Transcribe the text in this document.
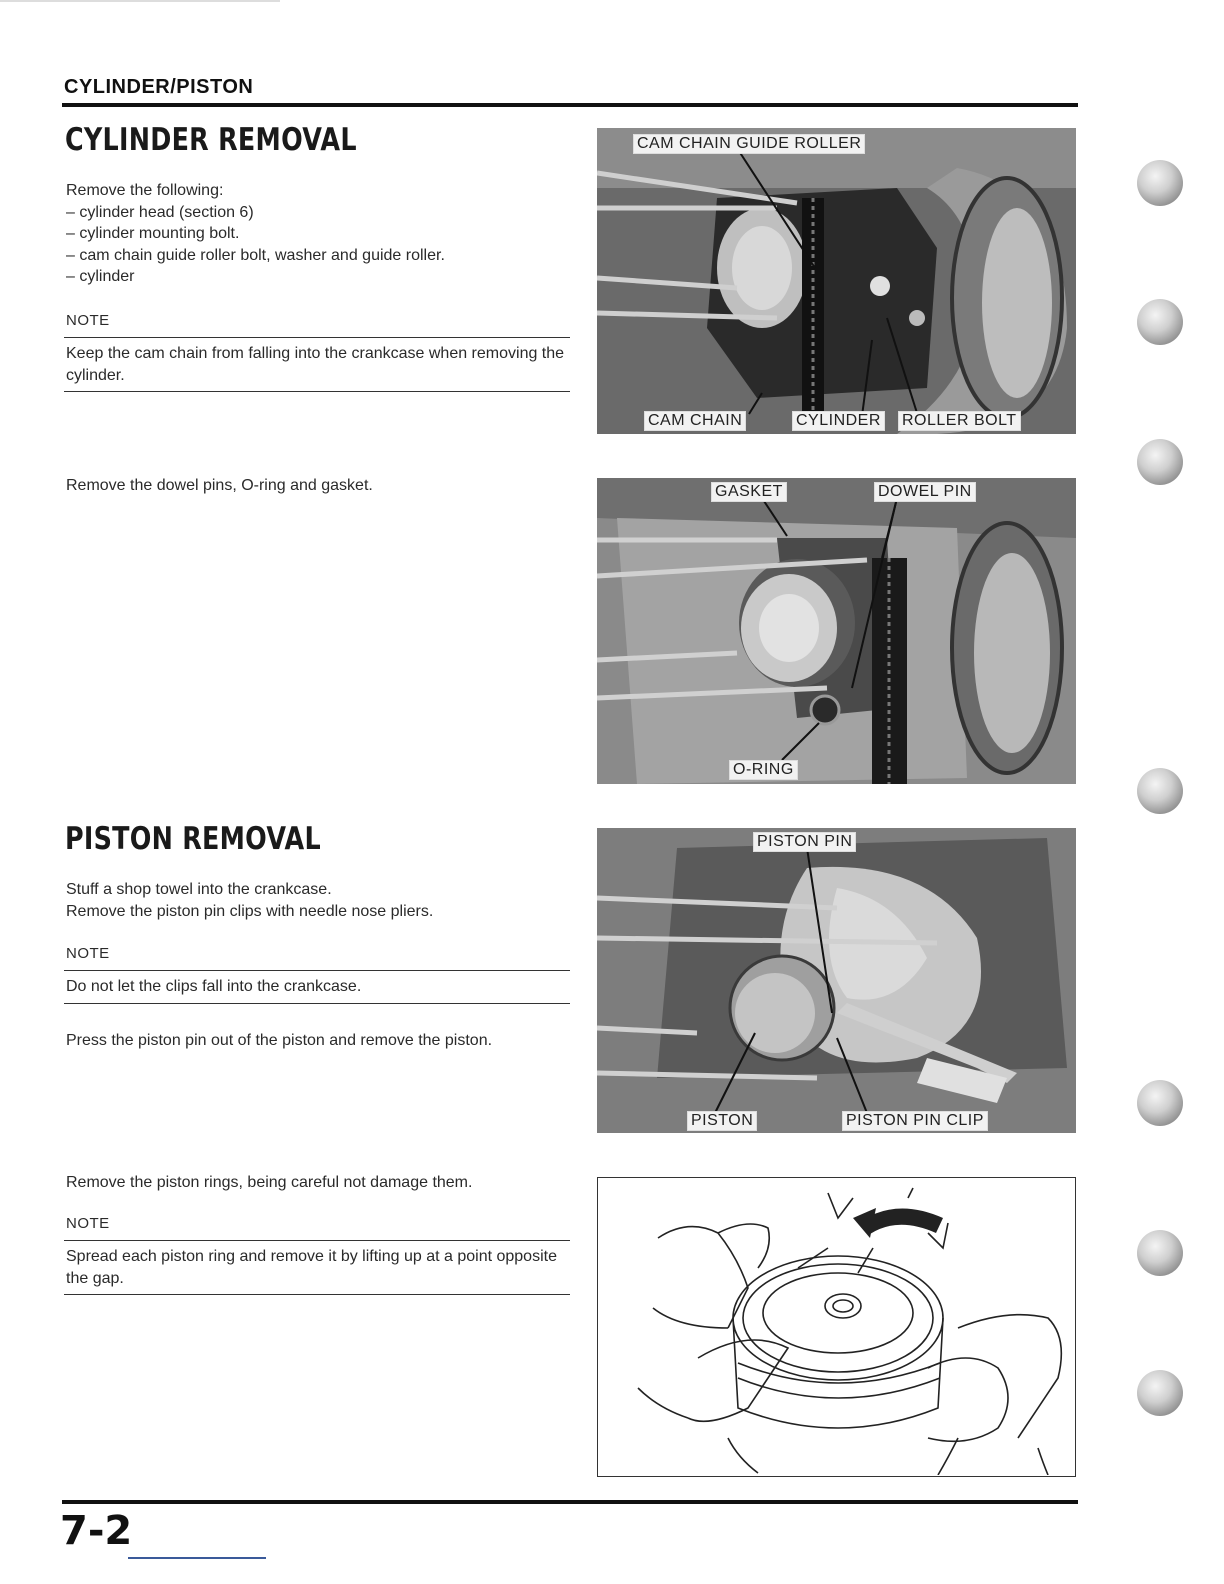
CYLINDER/PISTON
CYLINDER REMOVAL
Remove the following:
– cylinder head (section 6)
– cylinder mounting bolt.
– cam chain guide roller bolt, washer and guide roller.
– cylinder
NOTE
Keep the cam chain from falling into the crankcase when removing the cylinder.
Remove the dowel pins, O-ring and gasket.
PISTON REMOVAL
Stuff a shop towel into the crankcase.
Remove the piston pin clips with needle nose pliers.
NOTE
Do not let the clips fall into the crankcase.
Press the piston pin out of the piston and remove the piston.
Remove the piston rings, being careful not damage them.
NOTE
Spread each piston ring and remove it by lifting up at a point opposite the gap.
CAM CHAIN GUIDE ROLLER
CAM CHAIN	CYLINDER ROLLER BOLT
GASKET	DOWEL PIN
O-RING
PISTON PIN
PISTON	PISTON PIN CLIP
7-2
